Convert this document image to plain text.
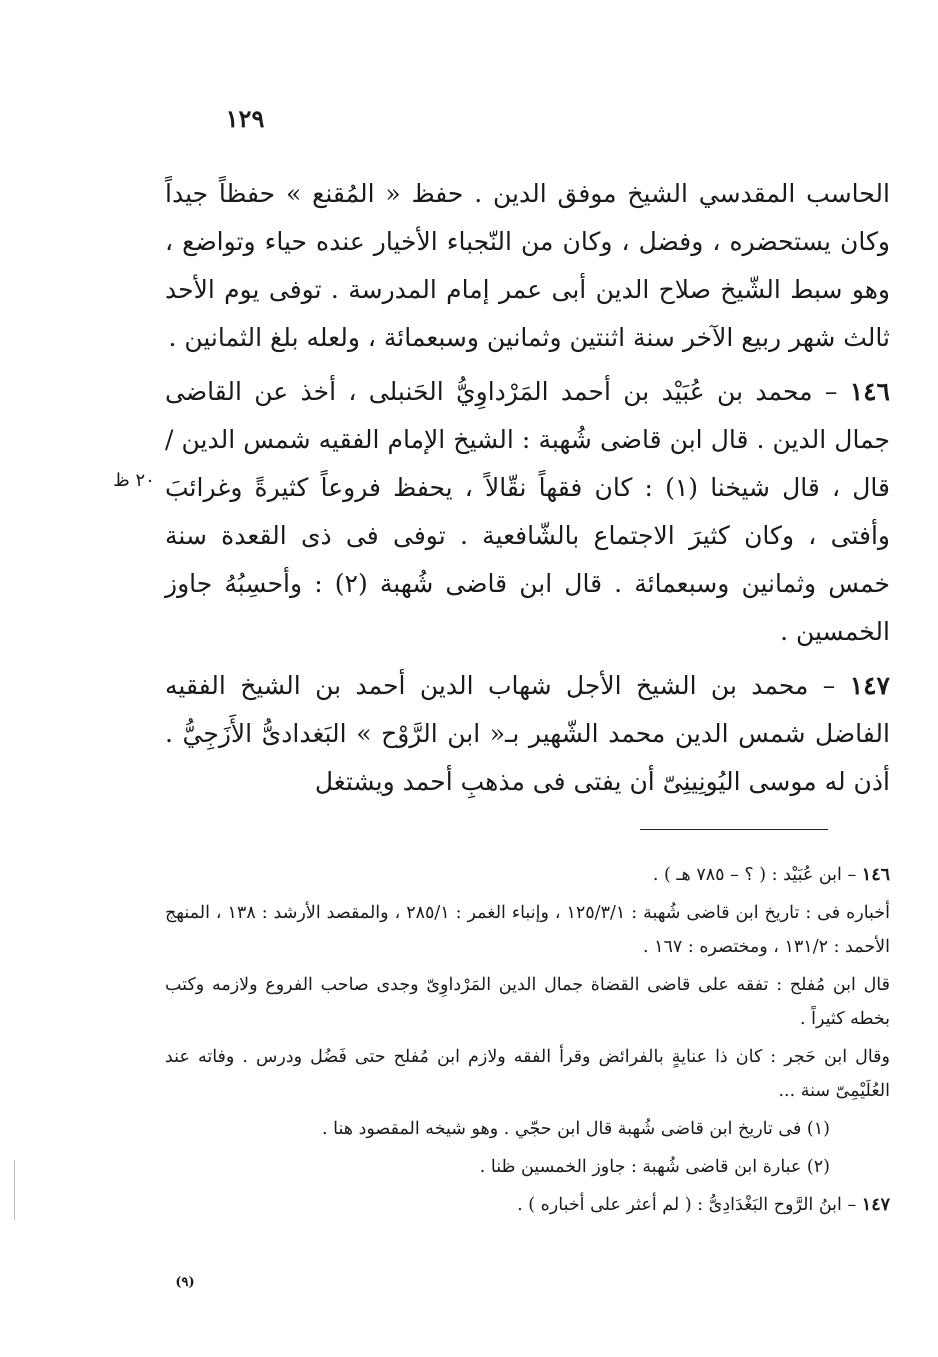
١٢٩

الحاسب المقدسي الشيخ موفق الدين . حفظ « المُقنع » حفظاً جيداً وكان يستحضره ، وفضل ، وكان من النّجباء الأخيار عنده حياء وتواضع ، وهو سبط الشّيخ صلاح الدين أبى عمر إمام المدرسة . توفى يوم الأحد ثالث شهر ربيع الآخر سنة اثنتين وثمانين وسبعمائة ، ولعله بلغ الثمانين .

١٤٦ – محمد بن عُبَيْد بن أحمد المَرْداوِيُّ الحَنبلى ، أخذ عن القاضى جمال الدين . قال ابن قاضى شُهبة : الشيخ الإمام الفقيه شمس الدين / قال ، قال شيخنا (١) : كان فقهاً نقّالاً ، يحفظ فروعاً كثيرةً وغرائبَ وأفتى ، وكان كثيرَ الاجتماع بالشّافعية . توفى فى ذى القعدة سنة خمس وثمانين وسبعمائة . قال ابن قاضى شُهبة (٢) : وأحسِبُهُ جاوز الخمسين .

١٤٧ – محمد بن الشيخ الأجل شهاب الدين أحمد بن الشيخ الفقيه الفاضل شمس الدين محمد الشّهير بـ« ابن الرَّوْح » البَغدادىُّ الأَزَجِيُّ . أذن له موسى اليُونِينِىّ أن يفتى فى مذهبِ أحمد ويشتغل

٢٠ ظ

١٤٦ – ابن عُبَيْد : ( ؟ – ٧٨٥ هـ ) .

أخباره فى : تاريخ ابن قاضى شُهبة : ١٢٥/٣/١ ، وإنباء الغمر : ٢٨٥/١ ، والمقصد الأرشد : ١٣٨ ، المنهج الأحمد : ١٣١/٢ ، ومختصره : ١٦٧ .

قال ابن مُفلح : تفقه على قاضى القضاة جمال الدين المَرْداوِىّ وجدى صاحب الفروع ولازمه وكتب بخطه كثيراً .

وقال ابن حَجر : كان ذا عنايةٍ بالفرائض وقرأ الفقه ولازم ابن مُفلح حتى فَضُل ودرس . وفاته عند العُلَيْمِىّ سنة ...

(١) فى تاريخ ابن قاضى شُهبة قال ابن حجّي . وهو شيخه المقصود هنا .

(٢) عبارة ابن قاضى شُهبة : جاوز الخمسين ظنا .

١٤٧ – ابنُ الرَّوح البَغْدَادِىُّ : ( لم أعثر على أخباره ) .

(٩)
